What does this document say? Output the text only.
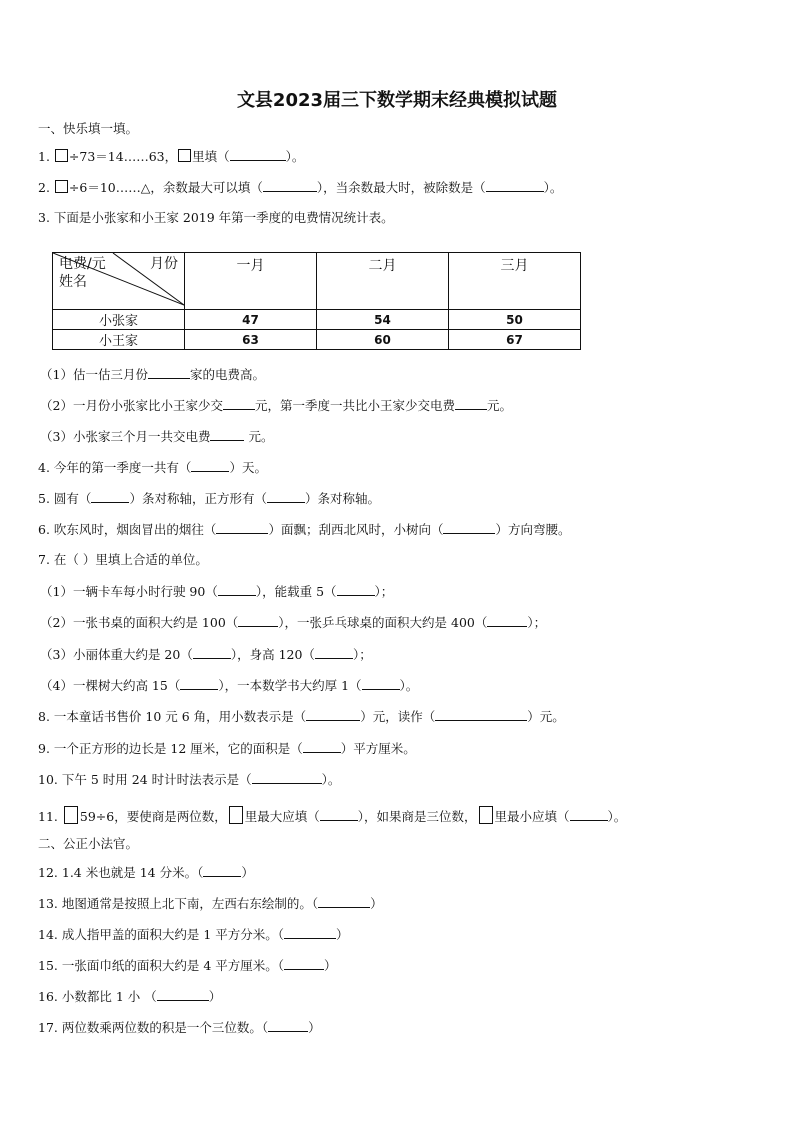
文县2023届三下数学期末经典模拟试题
一、快乐填一填。
1. ÷73＝14……63， 里填（	）。
2. ÷6＝10……△，余数最大可以填（	），当余数最大时，被除数是（	）。
3. 下面是小张家和小王家 2019 年第一季度的电费情况统计表。
月份
电费/元
姓名	一月	二月	三月
小张家	47	54	50
小王家	63	60	67
（1）估一估三月份	家的电费高。
（2）一月份小张家比小王家少交	元，第一季度一共比小王家少交电费	元。
（3）小张家三个月一共交电费	元。
4. 今年的第一季度一共有（	）天。
5. 圆有（	）条对称轴，正方形有（	）条对称轴。
6. 吹东风时，烟囱冒出的烟往（	）面飘；刮西北风时，小树向（	）方向弯腰。
7. 在（ ）里填上合适的单位。
（1）一辆卡车每小时行驶 90（	），能载重 5（	）；
（2）一张书桌的面积大约是 100（	），一张乒乓球桌的面积大约是 400（	）；
（3）小丽体重大约是 20（	），身高 120（	）；
（4）一棵树大约高 15（	），一本数学书大约厚 1（	）。
8. 一本童话书售价 10 元 6 角，用小数表示是（	）元，读作（	）元。
9. 一个正方形的边长是 12 厘米，它的面积是（	）平方厘米。
10. 下午 5 时用 24 时计时法表示是（	）。
11. 59÷6，要使商是两位数， 里最大应填（	），如果商是三位数， 里最小应填（	）。
二、公正小法官。
12. 1.4 米也就是 14 分米。（	）
13. 地图通常是按照上北下南，左西右东绘制的。（	）
14. 成人指甲盖的面积大约是 1 平方分米。（	）
15. 一张面巾纸的面积大约是 4 平方厘米。（	）
16. 小数都比 1 小 （	）
17. 两位数乘两位数的积是一个三位数。（	）
